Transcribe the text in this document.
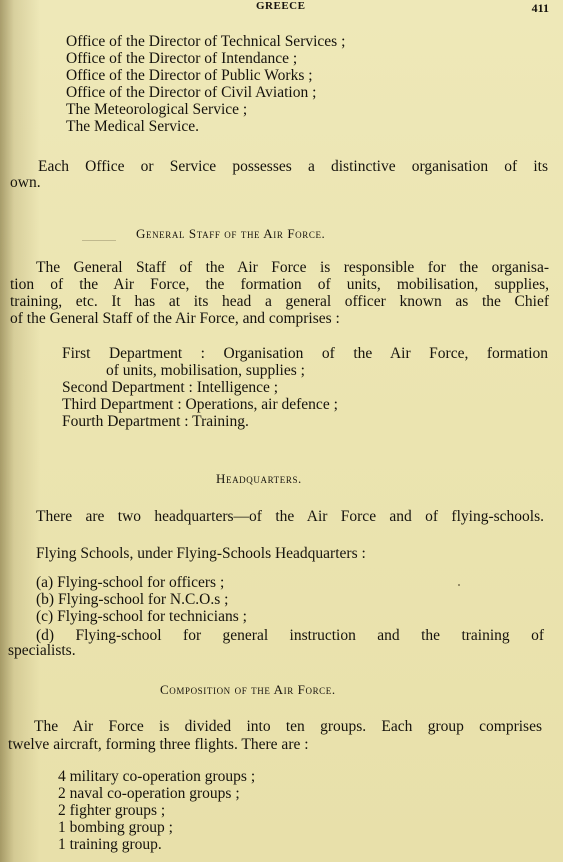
GREECE	411
Office of the Director of Technical Services ;
Office of the Director of Intendance ;
Office of the Director of Public Works ;
Office of the Director of Civil Aviation ;
The Meteorological Service ;
The Medical Service.
Each Office or Service possesses a distinctive organisation of its
own.
General Staff of the Air Force.
The General Staff of the Air Force is responsible for the organisa-
tion of the Air Force, the formation of units, mobilisation, supplies,
training, etc. It has at its head a general officer known as the Chief
of the General Staff of the Air Force, and comprises :
First Department : Organisation of the Air Force, formation
of units, mobilisation, supplies ;
Second Department : Intelligence ;
Third Department : Operations, air defence ;
Fourth Department : Training.
Headquarters.
There are two headquarters—of the Air Force and of flying-schools.
Flying Schools, under Flying-Schools Headquarters :
(a) Flying-school for officers ;
(b) Flying-school for N.C.O.s ;
(c) Flying-school for technicians ;
(d) Flying-school for general instruction and the training of
specialists.
Composition of the Air Force.
The Air Force is divided into ten groups. Each group comprises
twelve aircraft, forming three flights. There are :
4 military co-operation groups ;
2 naval co-operation groups ;
2 fighter groups ;
1 bombing group ;
1 training group.
